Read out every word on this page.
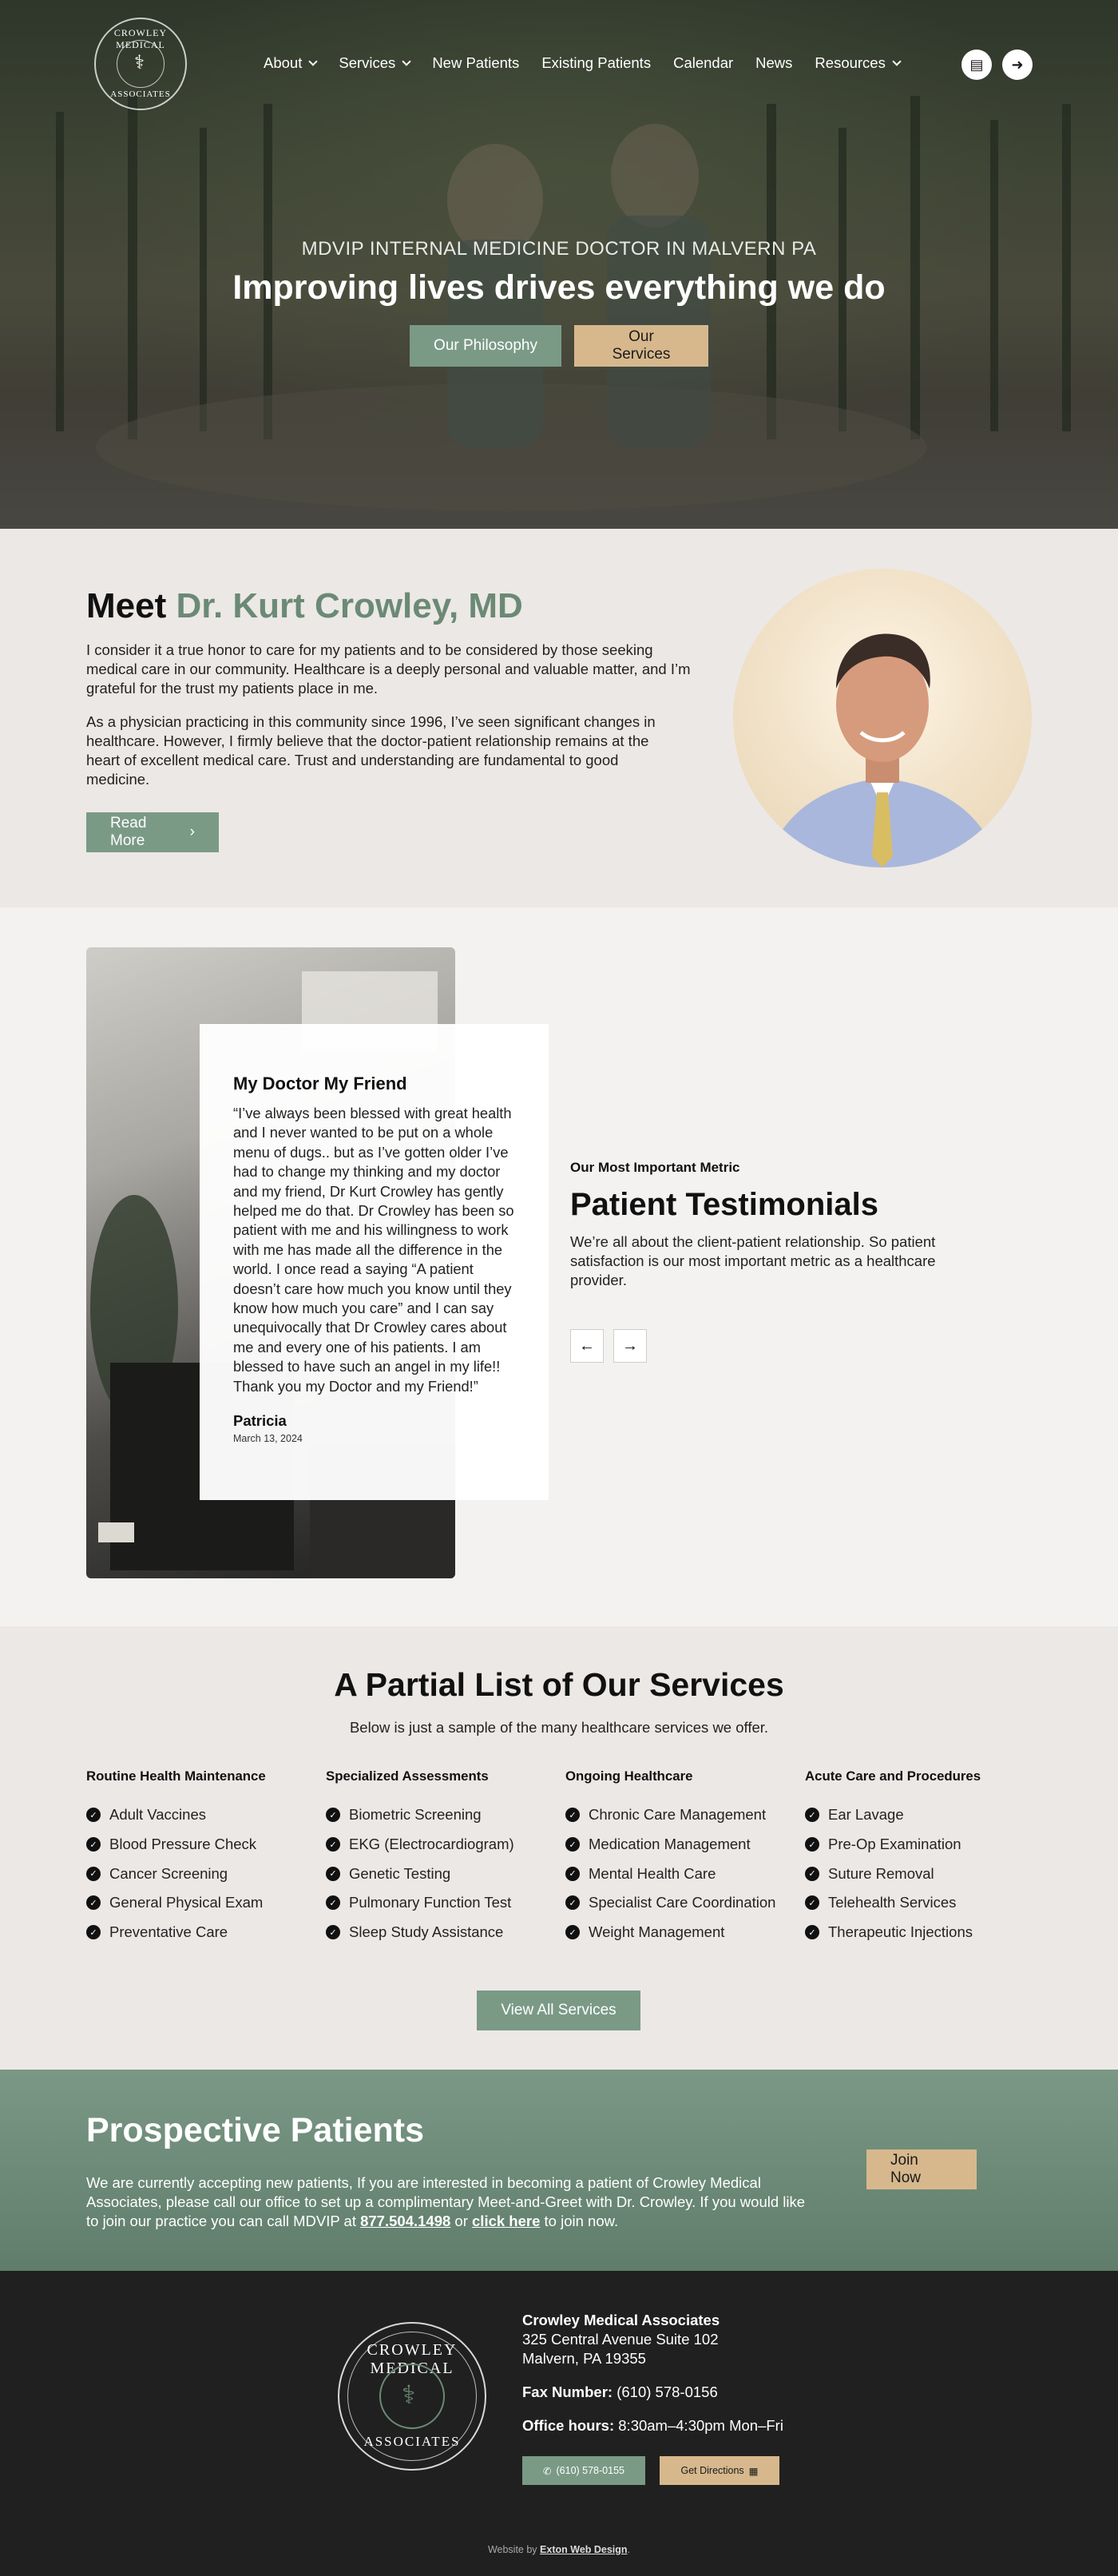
CROWLEY MEDICAL
⚕
ASSOCIATES
About Services New Patients Existing Patients Calendar News Resources	▤	➜
MDVIP INTERNAL MEDICINE DOCTOR IN MALVERN PA
Improving lives drives everything we do
Our Philosophy
Our Services
Meet Dr. Kurt Crowley, MD

I consider it a true honor to care for my patients and to be considered by those seeking medical care in our community. Healthcare is a deeply personal and valuable matter, and I’m grateful for the trust my patients place in me.

As a physician practicing in this community since 1996, I’ve seen significant changes in healthcare. However, I firmly believe that the doctor-patient relationship remains at the heart of excellent medical care. Trust and understanding are fundamental to good medicine.

Read More
›
My Doctor My Friend

“I’ve always been blessed with great health and I never wanted to be put on a whole menu of dugs.. but as I’ve gotten older I’ve had to change my thinking and my doctor and my friend, Dr Kurt Crowley has gently helped me do that. Dr Crowley has been so patient with me and his willingness to work with me has made all the difference in the world. I once read a saying “A patient doesn’t care how much you know until they know how much you care” and I can say unequivocally that Dr Crowley cares about me and every one of his patients. I am blessed to have such an angel in my life!! Thank you my Doctor and my Friend!”

Patricia
March 13, 2024
Our Most Important Metric
Patient Testimonials

We’re all about the client-patient relationship. So patient satisfaction is our most important metric as a healthcare provider.

←	→
A Partial List of Our Services
Below is just a sample of the many healthcare services we offer.
Routine Health Maintenance
✓ Adult Vaccines
✓ Blood Pressure Check
✓ Cancer Screening
✓ General Physical Exam
✓ Preventative Care
Specialized Assessments
✓ Biometric Screening
✓ EKG (Electrocardiogram)
✓ Genetic Testing
✓ Pulmonary Function Test
✓ Sleep Study Assistance
Ongoing Healthcare
✓ Chronic Care Management
✓ Medication Management
✓ Mental Health Care
✓ Specialist Care Coordination
✓ Weight Management
Acute Care and Procedures
✓ Ear Lavage
✓ Pre-Op Examination
✓ Suture Removal
✓ Telehealth Services
✓ Therapeutic Injections
View All Services
Prospective Patients

We are currently accepting new patients, If you are interested in becoming a patient of Crowley Medical Associates, please call our office to set up a complimentary Meet-and-Greet with Dr. Crowley. If you would like to join our practice you can call MDVIP at 877.504.1498 or click here to join now.

Join Now
CROWLEY MEDICAL
⚕
ASSOCIATES
Crowley Medical Associates
325 Central Avenue Suite 102
Malvern, PA 19355
Fax Number: (610) 578-0156
Office hours: 8:30am–4:30pm Mon–Fri
✆ (610) 578-0155	Get Directions ▦
Website by Exton Web Design.
